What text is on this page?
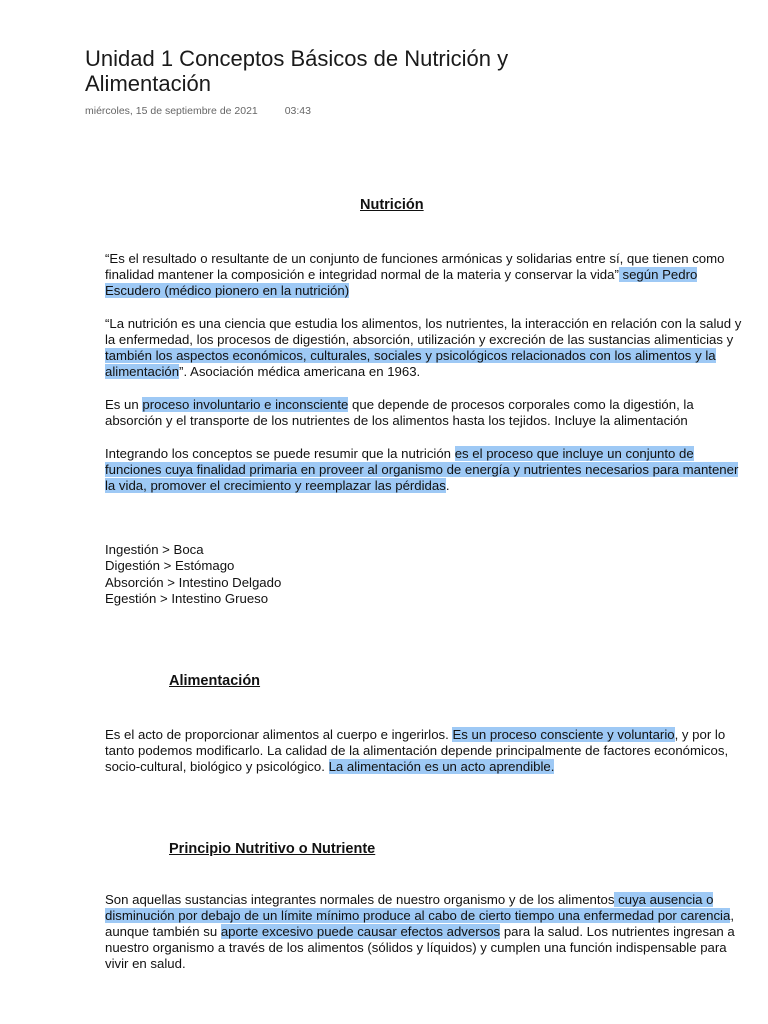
Unidad 1 Conceptos Básicos de Nutrición y Alimentación
miércoles, 15 de septiembre de 2021	03:43
Nutrición

“Es el resultado o resultante de un conjunto de funciones armónicas y solidarias entre sí, que tienen como finalidad mantener la composición e integridad normal de la materia y conservar la vida” según Pedro Escudero (médico pionero en la nutrición)

“La nutrición es una ciencia que estudia los alimentos, los nutrientes, la interacción en relación con la salud y la enfermedad, los procesos de digestión, absorción, utilización y excreción de las sustancias alimenticias y también los aspectos económicos, culturales, sociales y psicológicos relacionados con los alimentos y la alimentación”. Asociación médica americana en 1963.

Es un proceso involuntario e inconsciente que depende de procesos corporales como la digestión, la absorción y el transporte de los nutrientes de los alimentos hasta los tejidos. Incluye la alimentación

Integrando los conceptos se puede resumir que la nutrición es el proceso que incluye un conjunto de funciones cuya finalidad primaria en proveer al organismo de energía y nutrientes necesarios para mantener la vida, promover el crecimiento y reemplazar las pérdidas.

Ingestión > Boca
Digestión > Estómago
Absorción > Intestino Delgado
Egestión > Intestino Grueso
Alimentación

Es el acto de proporcionar alimentos al cuerpo e ingerirlos. Es un proceso consciente y voluntario, y por lo tanto podemos modificarlo. La calidad de la alimentación depende principalmente de factores económicos, socio-cultural, biológico y psicológico. La alimentación es un acto aprendible.

Principio Nutritivo o Nutriente

Son aquellas sustancias integrantes normales de nuestro organismo y de los alimentos cuya ausencia o disminución por debajo de un límite mínimo produce al cabo de cierto tiempo una enfermedad por carencia, aunque también su aporte excesivo puede causar efectos adversos para la salud. Los nutrientes ingresan a nuestro organismo a través de los alimentos (sólidos y líquidos) y cumplen una función indispensable para vivir en salud.
